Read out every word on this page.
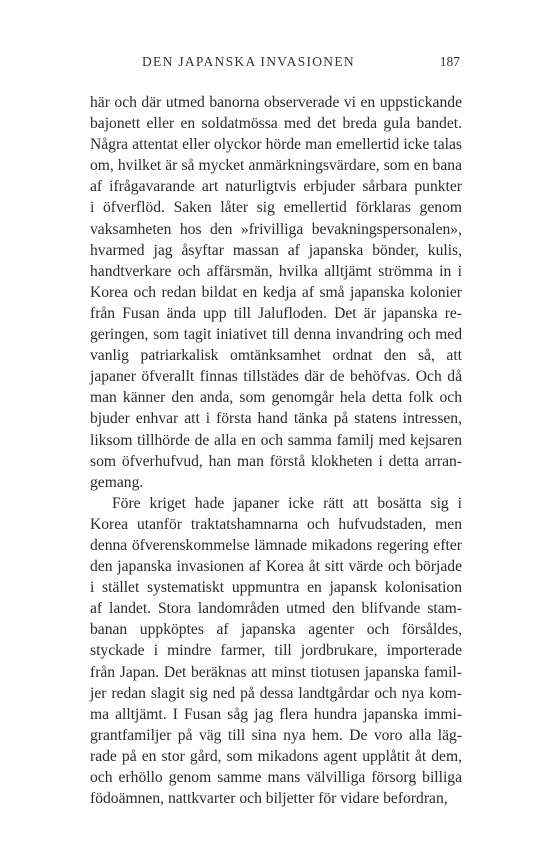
DEN JAPANSKA INVASIONEN	187
här och där utmed banorna observerade vi en uppstickande
bajonett eller en soldatmössa med det breda gula bandet.
Några attentat eller olyckor hörde man emellertid icke talas
om, hvilket är så mycket anmärkningsvärdare, som en bana
af ifrågavarande art naturligtvis erbjuder sårbara punkter
i öfverflöd. Saken låter sig emellertid förklaras genom
vaksamheten hos den »frivilliga bevakningspersonalen»,
hvarmed jag åsyftar massan af japanska bönder, kulis,
handtverkare och affärsmän, hvilka alltjämt strömma in i
Korea och redan bildat en kedja af små japanska kolonier
från Fusan ända upp till Jalufloden. Det är japanska re-
geringen, som tagit iniativet till denna invandring och med
vanlig patriarkalisk omtänksamhet ordnat den så, att
japaner öfverallt finnas tillstädes där de behöfvas. Och då
man känner den anda, som genomgår hela detta folk och
bjuder enhvar att i första hand tänka på statens intressen,
liksom tillhörde de alla en och samma familj med kejsaren
som öfverhufvud, han man förstå klokheten i detta arran-
gemang.
Före kriget hade japaner icke rätt att bosätta sig i
Korea utanför traktatshamnarna och hufvudstaden, men
denna öfverenskommelse lämnade mikadons regering efter
den japanska invasionen af Korea åt sitt värde och började
i stället systematiskt uppmuntra en japansk kolonisation
af landet. Stora landområden utmed den blifvande stam-
banan uppköptes af japanska agenter och försåldes,
styckade i mindre farmer, till jordbrukare, importerade
från Japan. Det beräknas att minst tiotusen japanska famil-
jer redan slagit sig ned på dessa landtgårdar och nya kom-
ma alltjämt. I Fusan såg jag flera hundra japanska immi-
grantfamiljer på väg till sina nya hem. De voro alla läg-
rade på en stor gård, som mikadons agent upplåtit åt dem,
och erhöllo genom samme mans välvilliga försorg billiga
födoämnen, nattkvarter och biljetter för vidare befordran,
